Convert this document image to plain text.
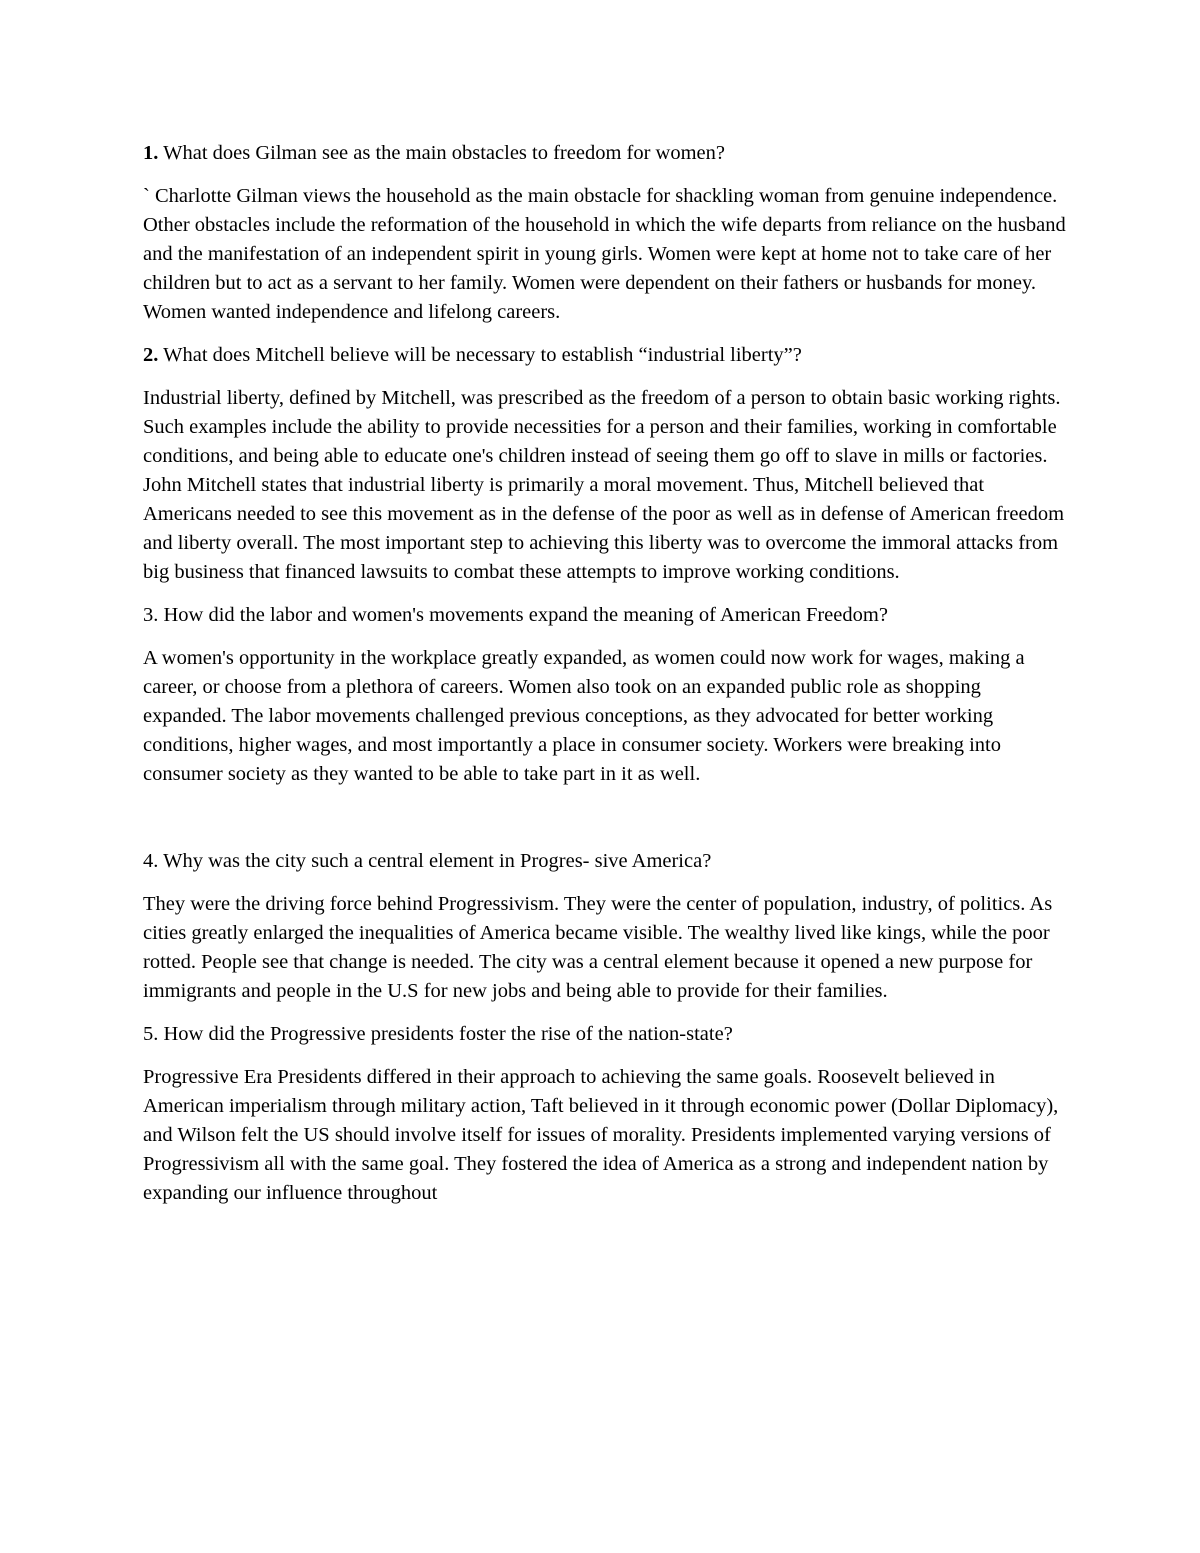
1. What does Gilman see as the main obstacles to freedom for women?

` Charlotte Gilman views the household as the main obstacle for shackling woman from genuine independence. Other obstacles include the reformation of the household in which the wife departs from reliance on the husband and the manifestation of an independent spirit in young girls. Women were kept at home not to take care of her children but to act as a servant to her family. Women were dependent on their fathers or husbands for money. Women wanted independence and lifelong careers.

2. What does Mitchell believe will be necessary to establish “industrial liberty”?

Industrial liberty, defined by Mitchell, was prescribed as the freedom of a person to obtain basic working rights. Such examples include the ability to provide necessities for a person and their families, working in comfortable conditions, and being able to educate one's children instead of seeing them go off to slave in mills or factories. John Mitchell states that industrial liberty is primarily a moral movement. Thus, Mitchell believed that Americans needed to see this movement as in the defense of the poor as well as in defense of American freedom and liberty overall. The most important step to achieving this liberty was to overcome the immoral attacks from big business that financed lawsuits to combat these attempts to improve working conditions.

3. How did the labor and women's movements expand the meaning of American Freedom?

A women's opportunity in the workplace greatly expanded, as women could now work for wages, making a career, or choose from a plethora of careers. Women also took on an expanded public role as shopping expanded. The labor movements challenged previous conceptions, as they advocated for better working conditions, higher wages, and most importantly a place in consumer society. Workers were breaking into consumer society as they wanted to be able to take part in it as well.

4. Why was the city such a central element in Progres- sive America?

They were the driving force behind Progressivism. They were the center of population, industry, of politics. As cities greatly enlarged the inequalities of America became visible. The wealthy lived like kings, while the poor rotted. People see that change is needed. The city was a central element because it opened a new purpose for immigrants and people in the U.S for new jobs and being able to provide for their families.

5. How did the Progressive presidents foster the rise of the nation-state?

Progressive Era Presidents differed in their approach to achieving the same goals. Roosevelt believed in American imperialism through military action, Taft believed in it through economic power (Dollar Diplomacy), and Wilson felt the US should involve itself for issues of morality. Presidents implemented varying versions of Progressivism all with the same goal. They fostered the idea of America as a strong and independent nation by expanding our influence throughout
